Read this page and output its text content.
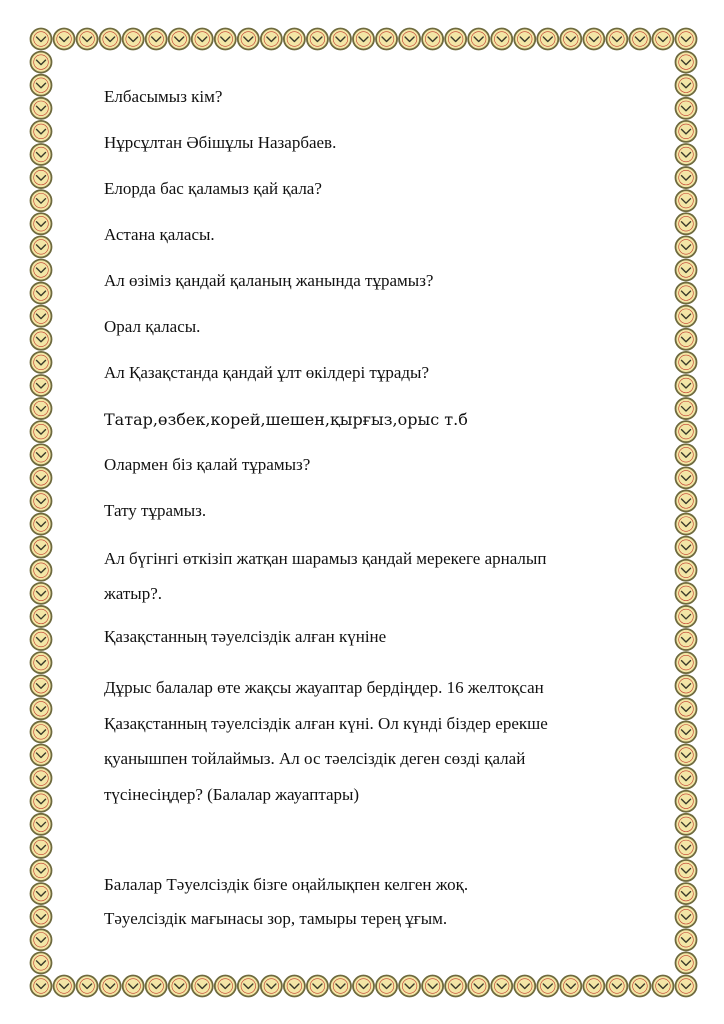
Елбасымыз кім?

Нұрсұлтан Әбішұлы Назарбаев.

Елорда бас қаламыз қай қала?

Астана қаласы.

Ал өзіміз қандай қаланың жанында тұрамыз?

Орал қаласы.

Ал Қазақстанда қандай ұлт өкілдері тұрады?

Татар,өзбек,корей,шешен,қырғыз,орыс т.б

Олармен біз қалай тұрамыз?

Тату тұрамыз.

Ал бүгінгі өткізіп жатқан шарамыз қандай мерекеге арналып

жатыр?.

Қазақстанның тәуелсіздік алған күніне

Дұрыс балалар өте жақсы жауаптар бердіңдер. 16 желтоқсан

Қазақстанның тәуелсіздік алған күні. Ол күнді біздер ерекше

қуанышпен тойлаймыз. Ал ос тәелсіздік деген сөзді қалай

түсінесіңдер? (Балалар жауаптары)

Балалар Тәуелсіздік бізге оңайлықпен келген жоқ.

Тәуелсіздік мағынасы зор, тамыры терең ұғым.
